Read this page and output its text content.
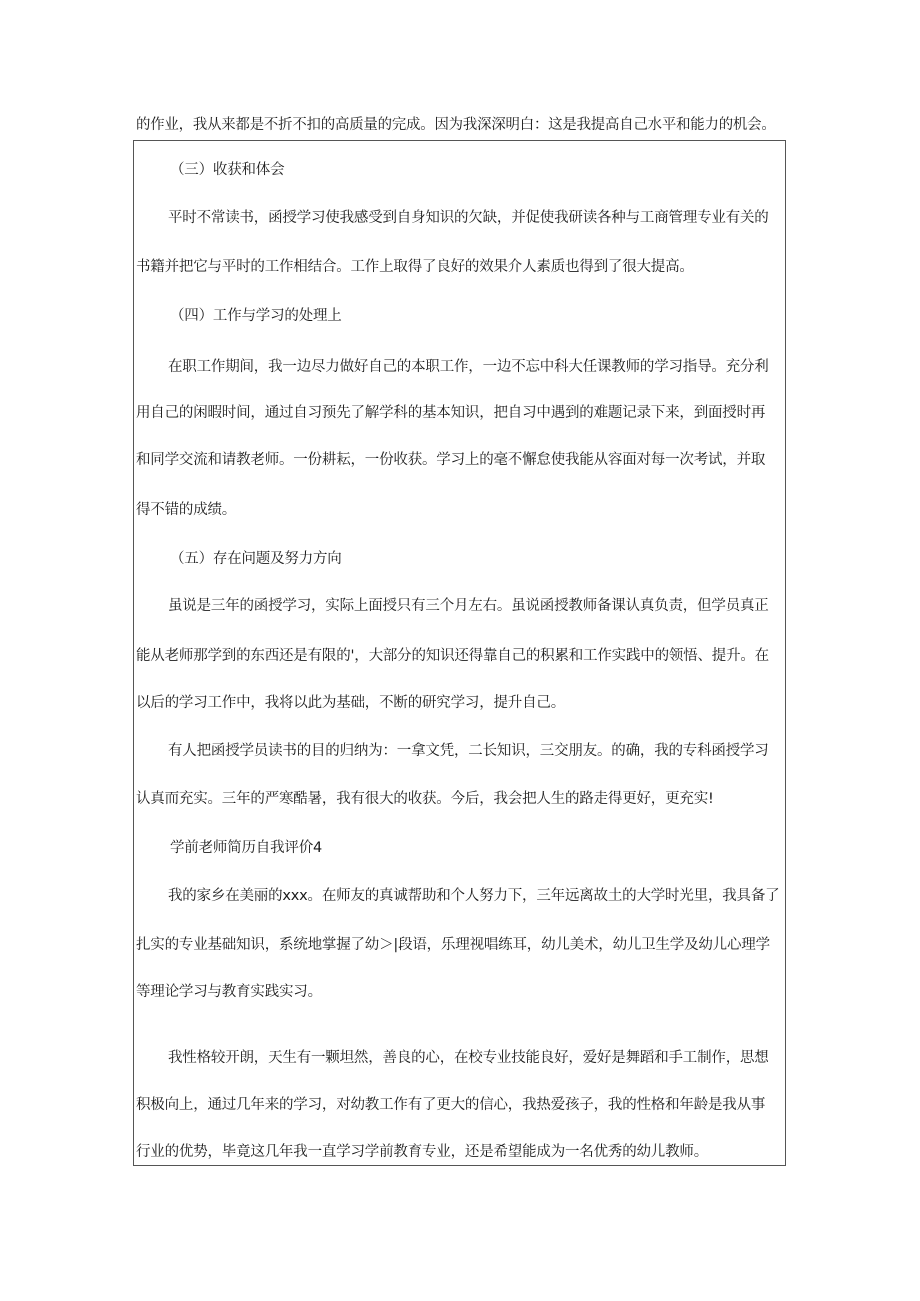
的作业，我从来都是不折不扣的高质量的完成。因为我深深明白：这是我提高自己水平和能力的机会。
（三）收获和体会
平时不常读书，函授学习使我感受到自身知识的欠缺，并促使我研读各种与工商管理专业有关的
书籍并把它与平时的工作相结合。工作上取得了良好的效果介人素质也得到了很大提高。
（四）工作与学习的处理上
在职工作期间，我一边尽力做好自己的本职工作，一边不忘中科大任课教师的学习指导。充分利
用自己的闲暇时间，通过自习预先了解学科的基本知识，把自习中遇到的难题记录下来，到面授时再
和同学交流和请教老师。一份耕耘，一份收获。学习上的毫不懈怠使我能从容面对每一次考试，并取
得不错的成绩。
（五）存在问题及努力方向
虽说是三年的函授学习，实际上面授只有三个月左右。虽说函授教师备课认真负责，但学员真正
能从老师那学到的东西还是有限的'，大部分的知识还得靠自己的积累和工作实践中的领悟、提升。在
以后的学习工作中，我将以此为基础，不断的研究学习，提升自己。
有人把函授学员读书的目的归纳为：一拿文凭，二长知识，三交朋友。的确，我的专科函授学习
认真而充实。三年的严寒酷暑，我有很大的收获。今后，我会把人生的路走得更好，更充实!
学前老师简历自我评价4
我的家乡在美丽的xxx。在师友的真诚帮助和个人努力下，三年远离故土的大学时光里，我具备了
扎实的专业基础知识，系统地掌握了幼＞|段语，乐理视唱练耳，幼儿美术，幼儿卫生学及幼儿心理学
等理论学习与教育实践实习。
我性格较开朗，天生有一颗坦然，善良的心，在校专业技能良好，爱好是舞蹈和手工制作，思想
积极向上，通过几年来的学习，对幼教工作有了更大的信心，我热爱孩子，我的性格和年龄是我从事
行业的优势，毕竟这几年我一直学习学前教育专业，还是希望能成为一名优秀的幼儿教师。
